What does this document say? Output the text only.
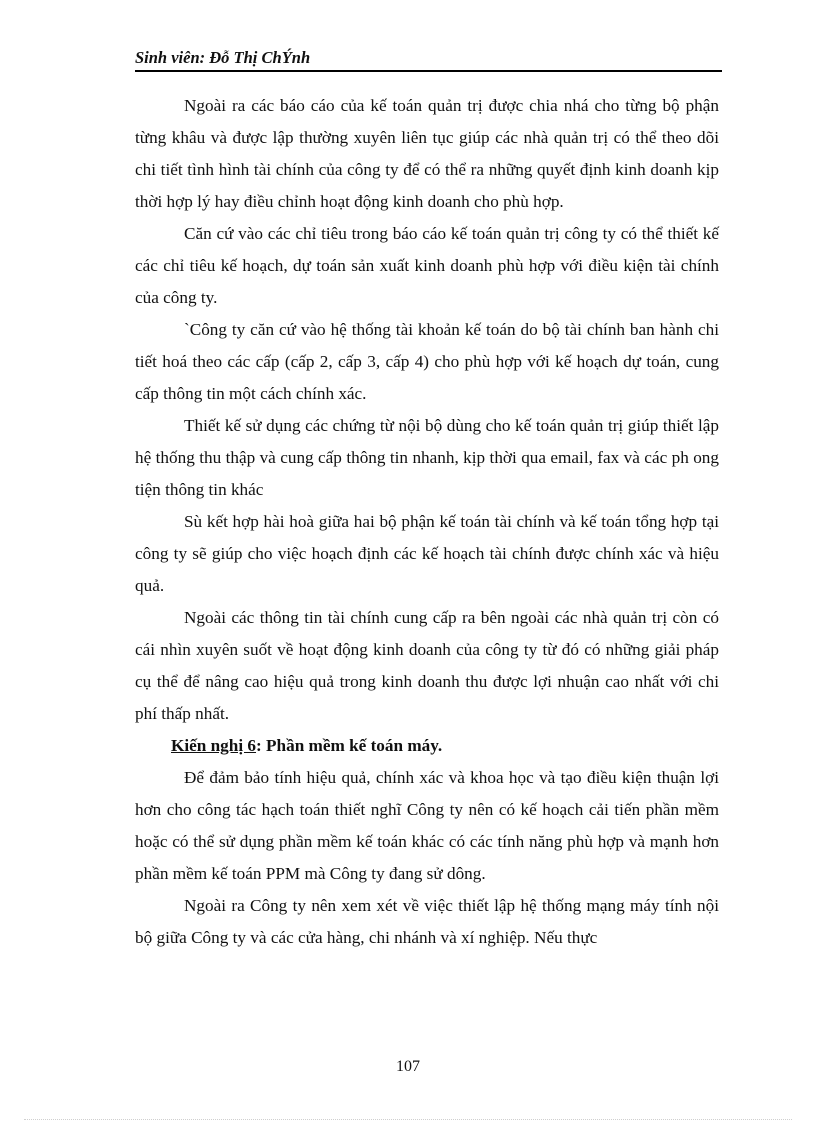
Sinh viên: Đỗ Thị ChÝnh

Ngoài ra các báo cáo của kế toán quản trị được chia nhá cho từng bộ phận từng khâu và được lập thường xuyên liên tục giúp các nhà quản trị có thể theo dõi chi tiết tình hình tài chính của công ty để có thể ra những quyết định kinh doanh kịp thời hợp lý hay điều chỉnh hoạt động kinh doanh cho phù hợp.

Căn cứ vào các chỉ tiêu trong báo cáo kế toán quản trị công ty có thể thiết kế các chỉ tiêu kế hoạch, dự toán sản xuất kinh doanh phù hợp với điều kiện tài chính của công ty.

`Công ty căn cứ vào hệ thống tài khoản kế toán do bộ tài chính ban hành chi tiết hoá theo các cấp (cấp 2, cấp 3, cấp 4) cho phù hợp với kế hoạch dự toán, cung cấp thông tin một cách chính xác.

Thiết kế sử dụng các chứng từ nội bộ dùng cho kế toán quản trị giúp thiết lập hệ thống thu thập và cung cấp thông tin nhanh, kịp thời qua email, fax và các ph ong tiện thông tin khác

Sù kết hợp hài hoà giữa hai bộ phận kế toán tài chính và kế toán tổng hợp tại công ty sẽ giúp cho việc hoạch định các kế hoạch tài chính được chính xác và hiệu quả.

Ngoài các thông tin tài chính cung cấp ra bên ngoài các nhà quản trị còn có cái nhìn xuyên suốt về hoạt động kinh doanh của công ty từ đó có những giải pháp cụ thể để nâng cao hiệu quả trong kinh doanh thu được lợi nhuận cao nhất với chi phí thấp nhất.

Kiến nghị 6: Phần mềm kế toán máy.

Để đảm bảo tính hiệu quả, chính xác và khoa học và tạo điều kiện thuận lợi hơn cho công tác hạch toán thiết nghĩ Công ty nên có kế hoạch cải tiến phần mềm hoặc có thể sử dụng phần mềm kế toán khác có các tính năng phù hợp và mạnh hơn phần mềm kế toán PPM mà Công ty đang sử dông.

Ngoài ra Công ty nên xem xét về việc thiết lập hệ thống mạng máy tính nội bộ giữa Công ty và các cửa hàng, chi nhánh và xí nghiệp. Nếu thực

107
